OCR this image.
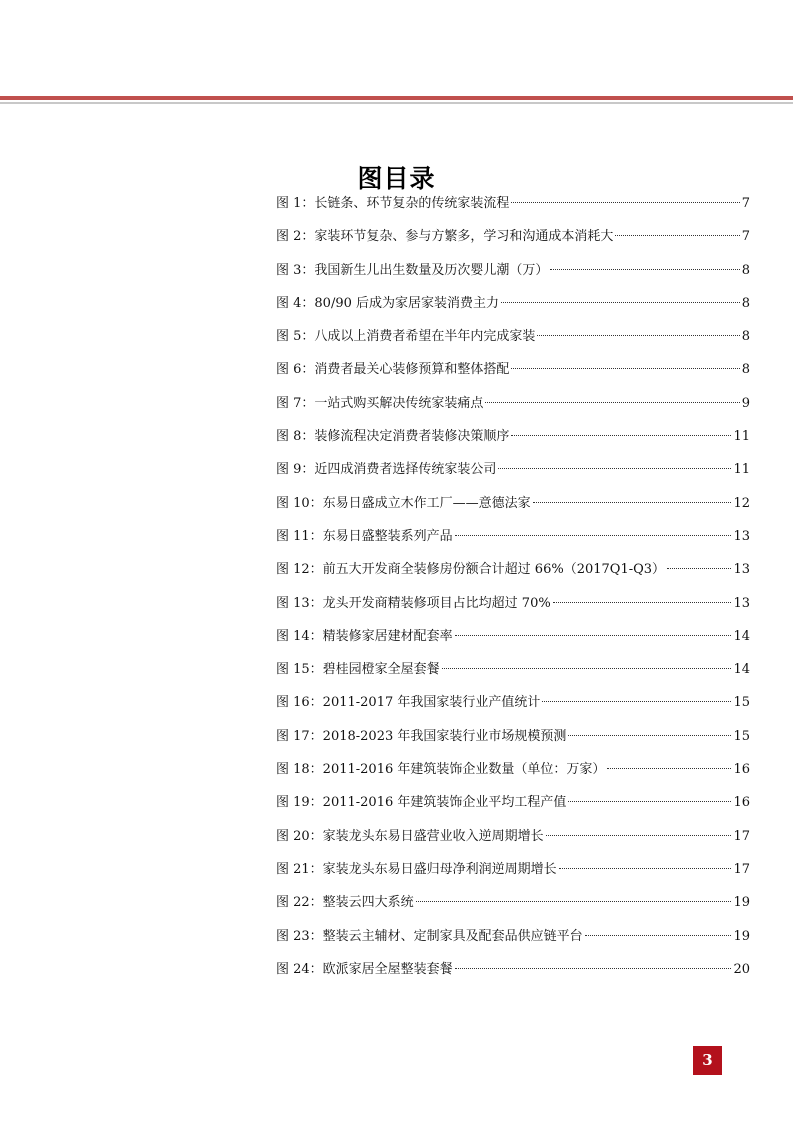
图目录
图 1：长链条、环节复杂的传统家装流程	7
图 2：家装环节复杂、参与方繁多，学习和沟通成本消耗大	7
图 3：我国新生儿出生数量及历次婴儿潮（万）	8
图 4：80/90 后成为家居家装消费主力	8
图 5：八成以上消费者希望在半年内完成家装	8
图 6：消费者最关心装修预算和整体搭配	8
图 7：一站式购买解决传统家装痛点	9
图 8：装修流程决定消费者装修决策顺序	11
图 9：近四成消费者选择传统家装公司	11
图 10：东易日盛成立木作工厂——意德法家	12
图 11：东易日盛整装系列产品	13
图 12：前五大开发商全装修房份额合计超过 66%（2017Q1-Q3）	13
图 13：龙头开发商精装修项目占比均超过 70%	13
图 14：精装修家居建材配套率	14
图 15：碧桂园橙家全屋套餐	14
图 16：2011-2017 年我国家装行业产值统计	15
图 17：2018-2023 年我国家装行业市场规模预测	15
图 18：2011-2016 年建筑装饰企业数量（单位：万家）	16
图 19：2011-2016 年建筑装饰企业平均工程产值	16
图 20：家装龙头东易日盛营业收入逆周期增长	17
图 21：家装龙头东易日盛归母净利润逆周期增长	17
图 22：整装云四大系统	19
图 23：整装云主辅材、定制家具及配套品供应链平台	19
图 24：欧派家居全屋整装套餐	20
3
